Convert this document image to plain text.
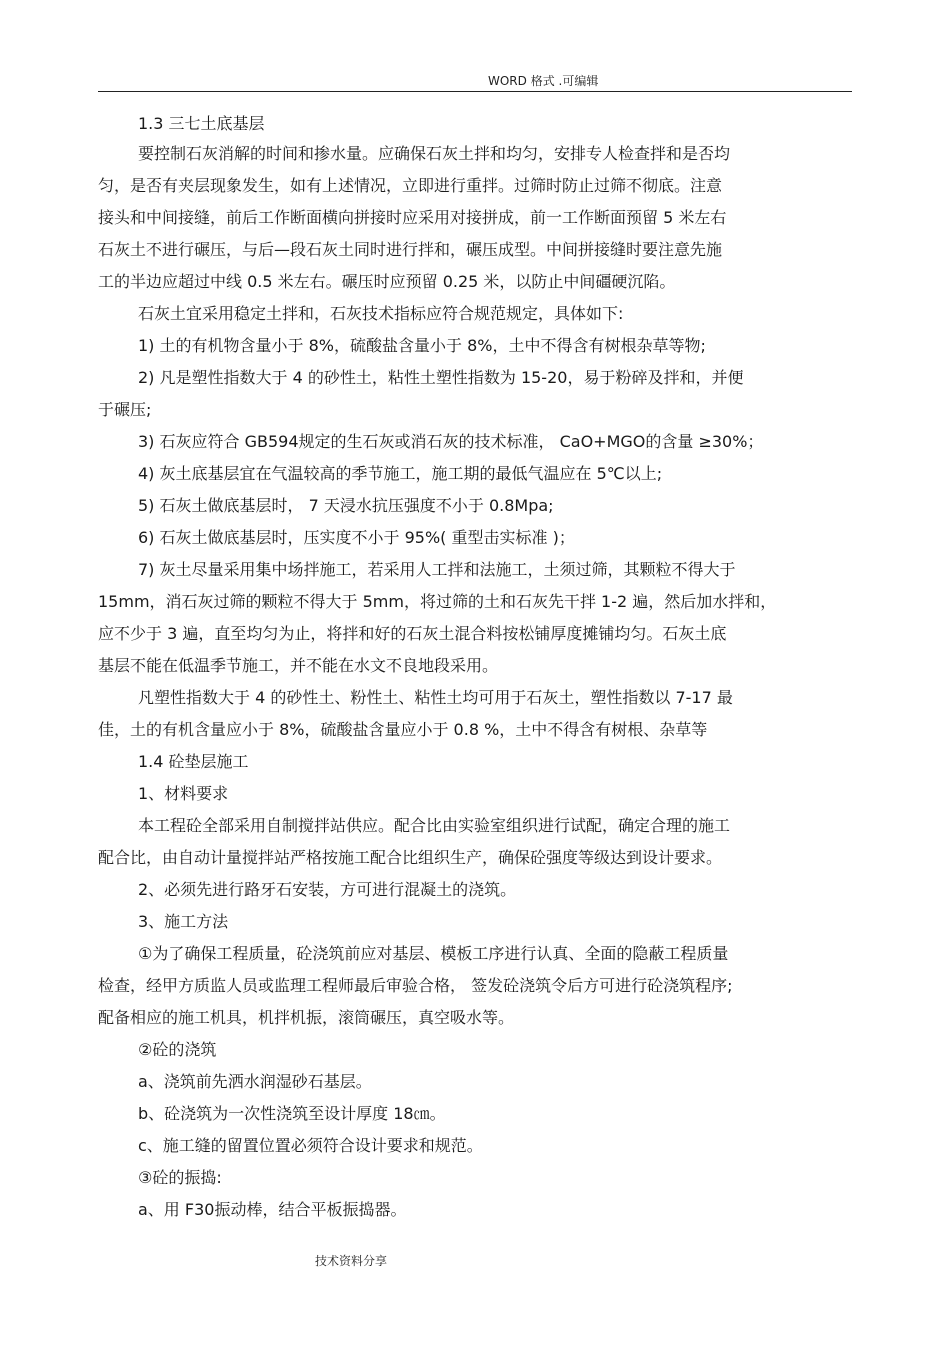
WORD 格式 .可编辑
1.3 三七土底基层
要控制石灰消解的时间和掺水量。应确保石灰土拌和均匀，安排专人检查拌和是否均
匀，是否有夹层现象发生，如有上述情况，立即进行重拌。过筛时防止过筛不彻底。注意
接头和中间接缝，前后工作断面横向拼接时应采用对接拼成，前一工作断面预留 5 米左右
石灰土不进行碾压，与后—段石灰土同时进行拌和，碾压成型。中间拼接缝时要注意先施
工的半边应超过中线 0.5 米左右。碾压时应预留 0.25 米，以防止中间礓硬沉陷。
石灰土宜采用稳定土拌和，石灰技术指标应符合规范规定，具体如下:
1) 土的有机物含量小于 8%，硫酸盐含量小于 8%，土中不得含有树根杂草等物;
2) 凡是塑性指数大于 4 的砂性土，粘性土塑性指数为 15-20，易于粉碎及拌和，并便
于碾压;
3) 石灰应符合 GB594规定的生石灰或消石灰的技术标准， CaO+MGO的含量 ≥30%；
4) 灰土底基层宜在气温较高的季节施工，施工期的最低气温应在 5℃以上;
5) 石灰土做底基层时， 7 天浸水抗压强度不小于 0.8Mpa;
6) 石灰土做底基层时，压实度不小于 95%( 重型击实标准 )；
7) 灰土尽量采用集中场拌施工，若采用人工拌和法施工，土须过筛，其颗粒不得大于
15mm，消石灰过筛的颗粒不得大于 5mm，将过筛的土和石灰先干拌 1-2 遍，然后加水拌和，
应不少于 3 遍，直至均匀为止，将拌和好的石灰土混合料按松铺厚度摊铺均匀。石灰土底
基层不能在低温季节施工，并不能在水文不良地段采用。
凡塑性指数大于 4 的砂性土、粉性土、粘性土均可用于石灰土，塑性指数以 7-17 最
佳，土的有机含量应小于 8%，硫酸盐含量应小于 0.8 %，土中不得含有树根、杂草等
1.4 砼垫层施工
1、材料要求
本工程砼全部采用自制搅拌站供应。配合比由实验室组织进行试配，确定合理的施工
配合比，由自动计量搅拌站严格按施工配合比组织生产，确保砼强度等级达到设计要求。
2、必须先进行路牙石安装，方可进行混凝土的浇筑。
3、施工方法
①为了确保工程质量，砼浇筑前应对基层、模板工序进行认真、全面的隐蔽工程质量
检查，经甲方质监人员或监理工程师最后审验合格， 签发砼浇筑令后方可进行砼浇筑程序;
配备相应的施工机具，机拌机振，滚筒碾压，真空吸水等。
②砼的浇筑
a、浇筑前先洒水润湿砂石基层。
b、砼浇筑为一次性浇筑至设计厚度 18㎝。
c、施工缝的留置位置必须符合设计要求和规范。
③砼的振捣:
a、用 F30振动棒，结合平板振捣器。
技术资料分享
